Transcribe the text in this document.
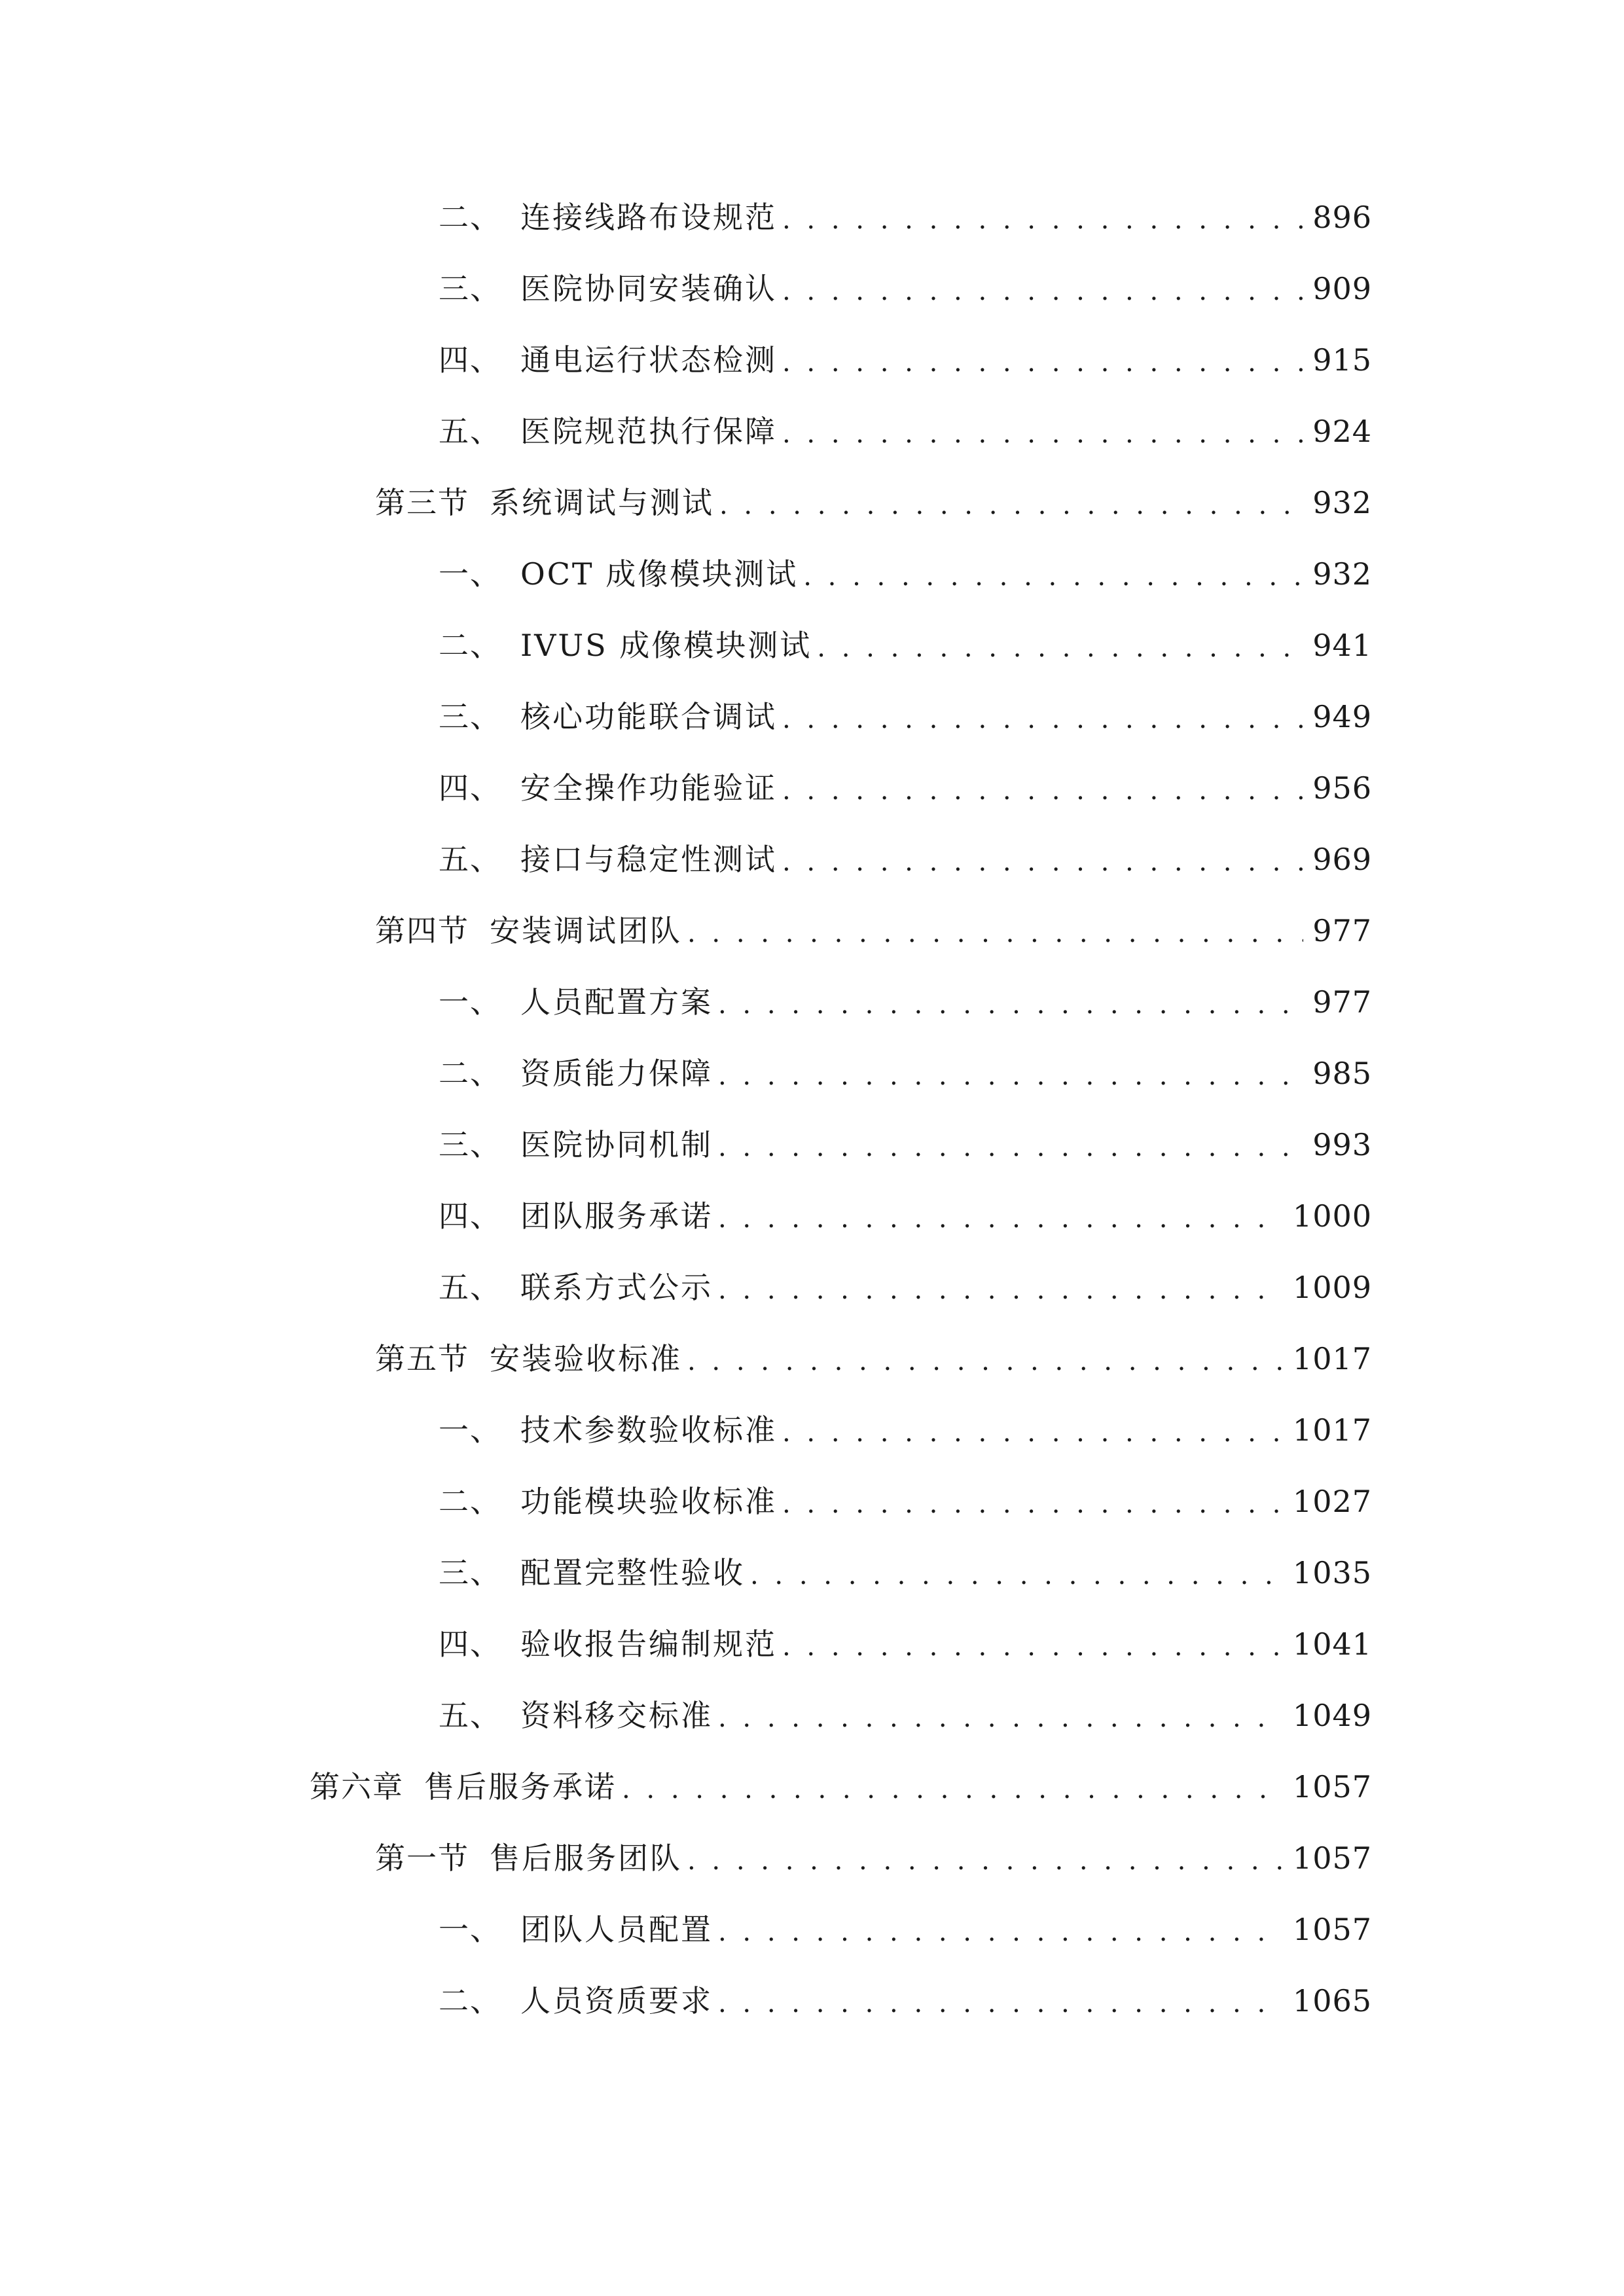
二、 连接线路布设规范 . . .	896
三、 医院协同安装确认 . . .	909
四、 通电运行状态检测 . . .	915
五、 医院规范执行保障 . . .	924
第三节 系统调试与测试 . . .	932
一、 OCT 成像模块测试 . . .	932
二、 IVUS 成像模块测试 . . .	941
三、 核心功能联合调试 . . .	949
四、 安全操作功能验证 . . .	956
五、 接口与稳定性测试 . . .	969
第四节 安装调试团队 . . .	977
一、 人员配置方案 . . .	977
二、 资质能力保障 . . .	985
三、 医院协同机制 . . .	993
四、 团队服务承诺 . . .	1000
五、 联系方式公示 . . .	1009
第五节 安装验收标准 . . .	1017
一、 技术参数验收标准 . . .	1017
二、 功能模块验收标准 . . .	1027
三、 配置完整性验收 . . .	1035
四、 验收报告编制规范 . . .	1041
五、 资料移交标准 . . .	1049
第六章 售后服务承诺 . . .	1057
第一节 售后服务团队 . . .	1057
一、 团队人员配置 . . .	1057
二、 人员资质要求 . . .	1065
